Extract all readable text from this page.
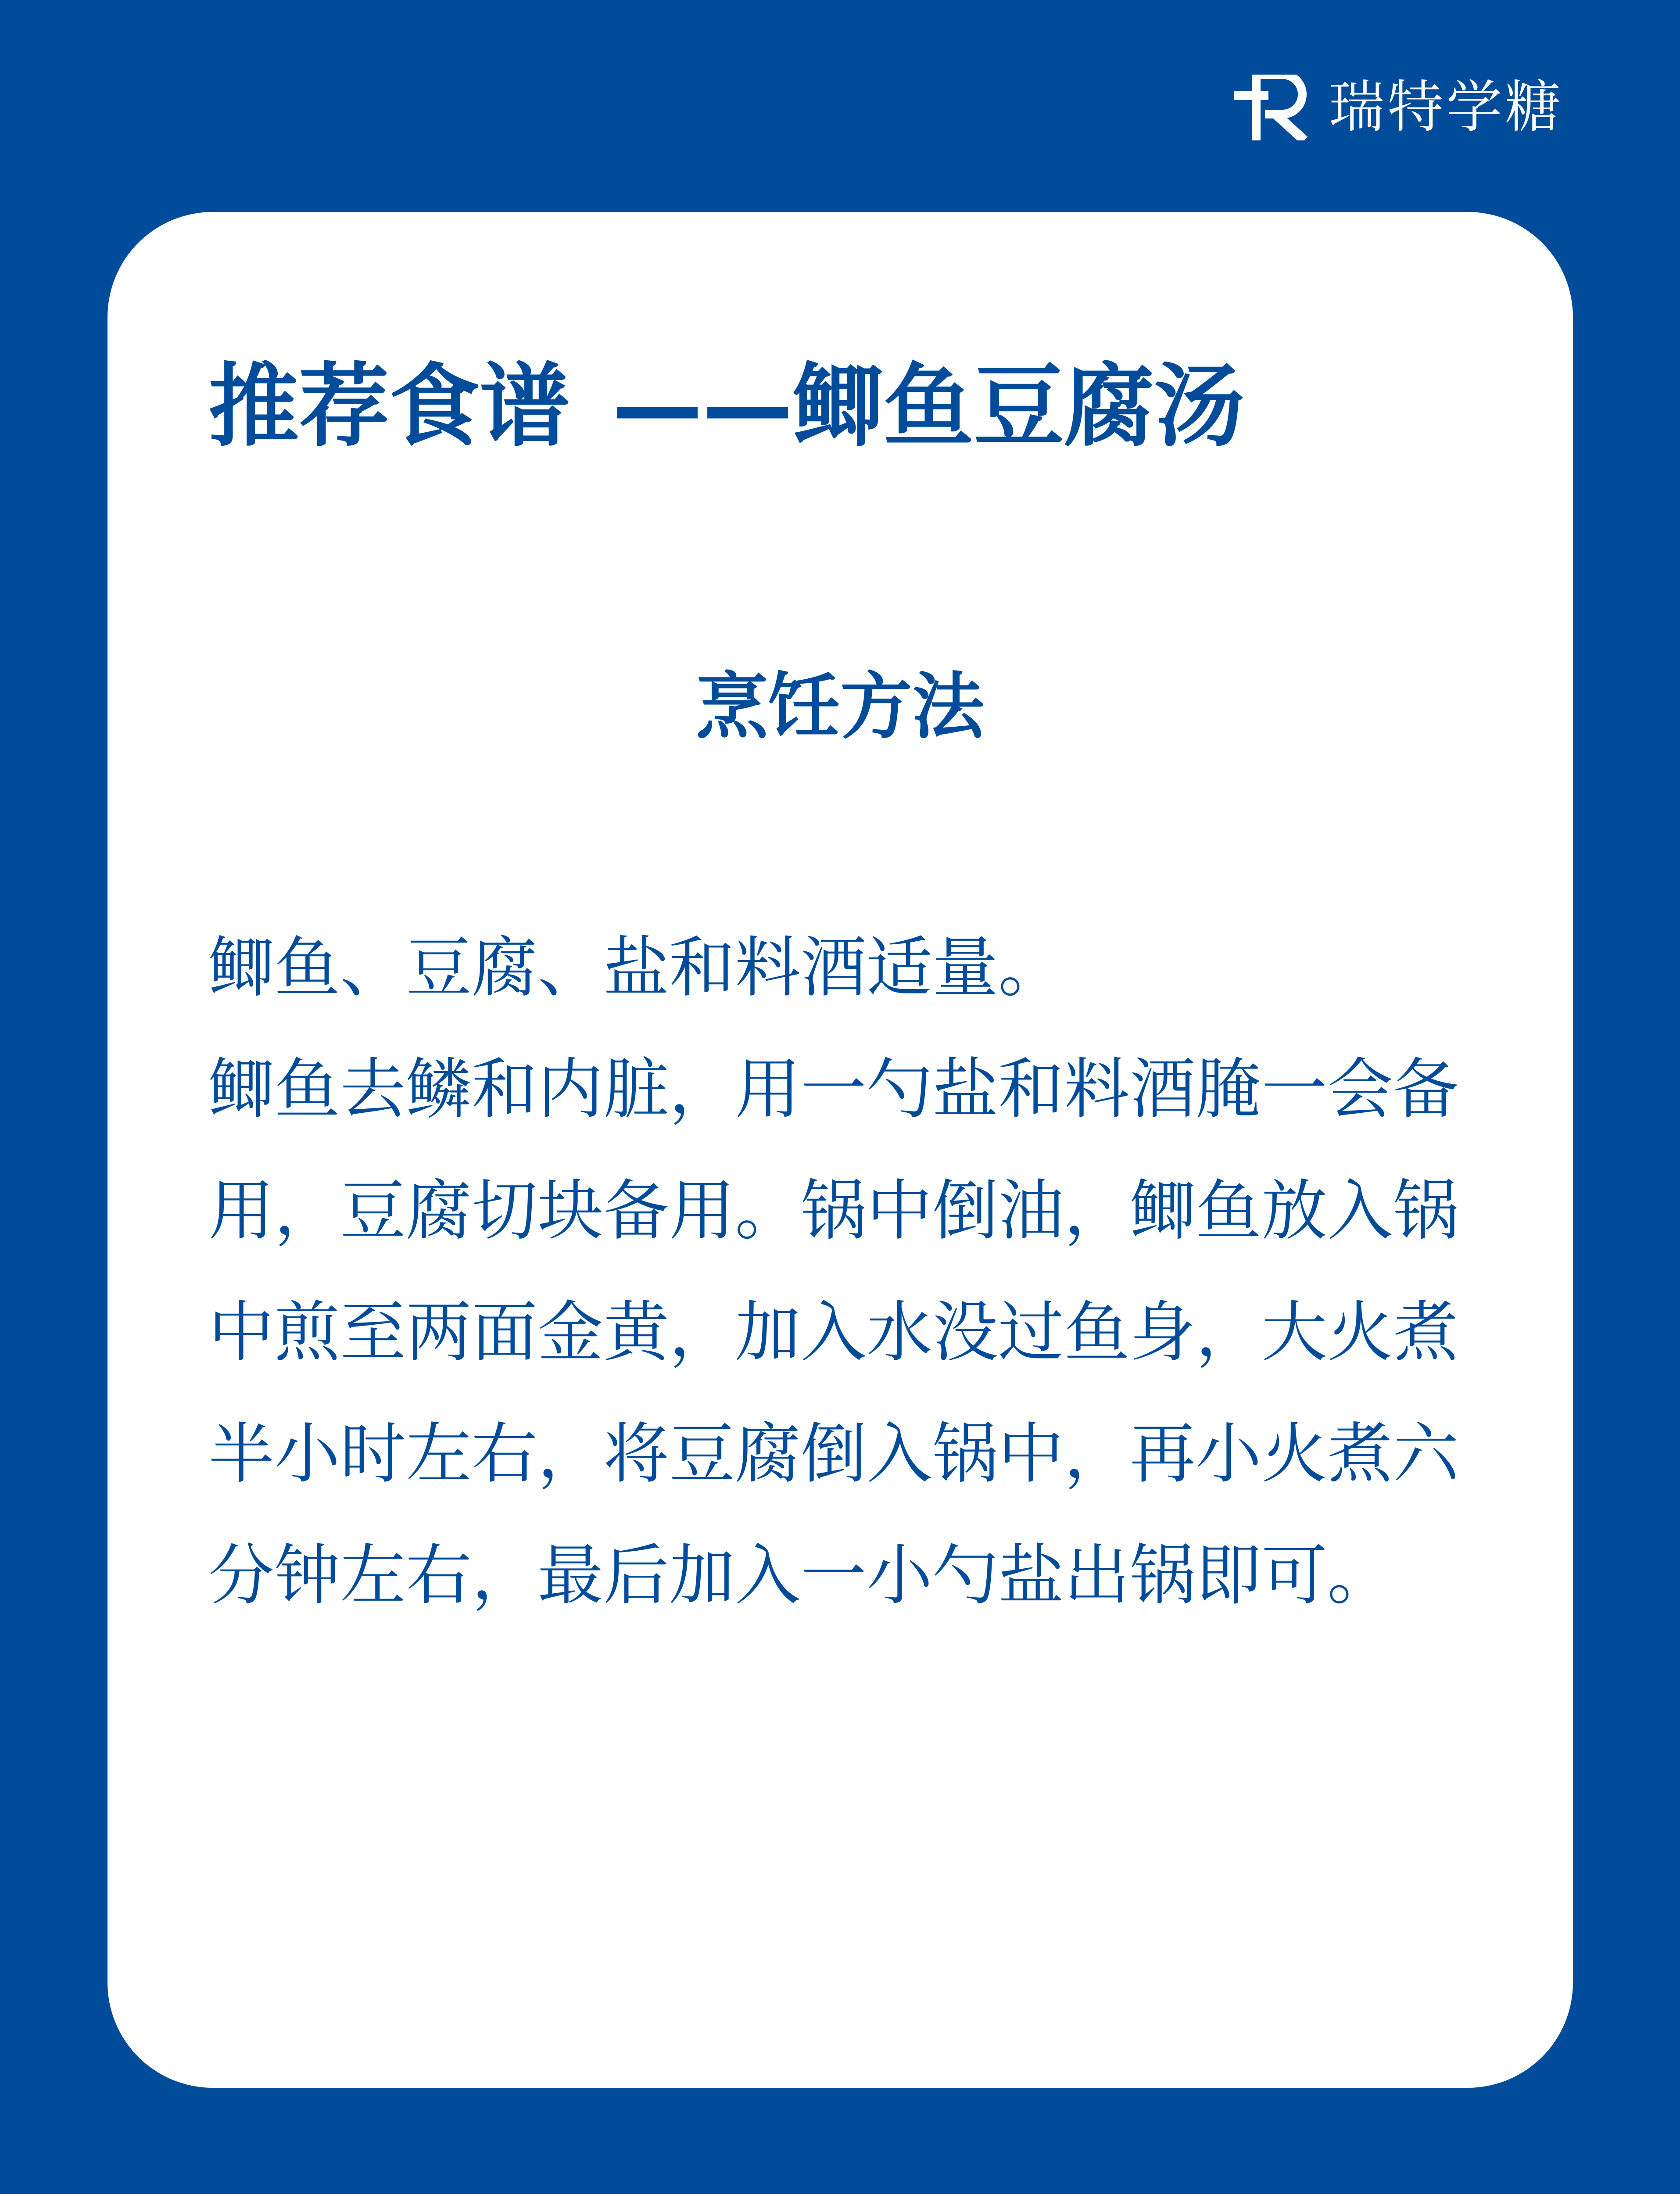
瑞特学糖
推荐食谱 ——鲫鱼豆腐汤
烹饪方法

鲫鱼、豆腐、盐和料酒适量。

鲫鱼去鳞和内脏，用一勺盐和料酒腌一会备用，豆腐切块备用。锅中倒油，鲫鱼放入锅中煎至两面金黄，加入水没过鱼身，大火煮半小时左右，将豆腐倒入锅中，再小火煮六分钟左右，最后加入一小勺盐出锅即可。
